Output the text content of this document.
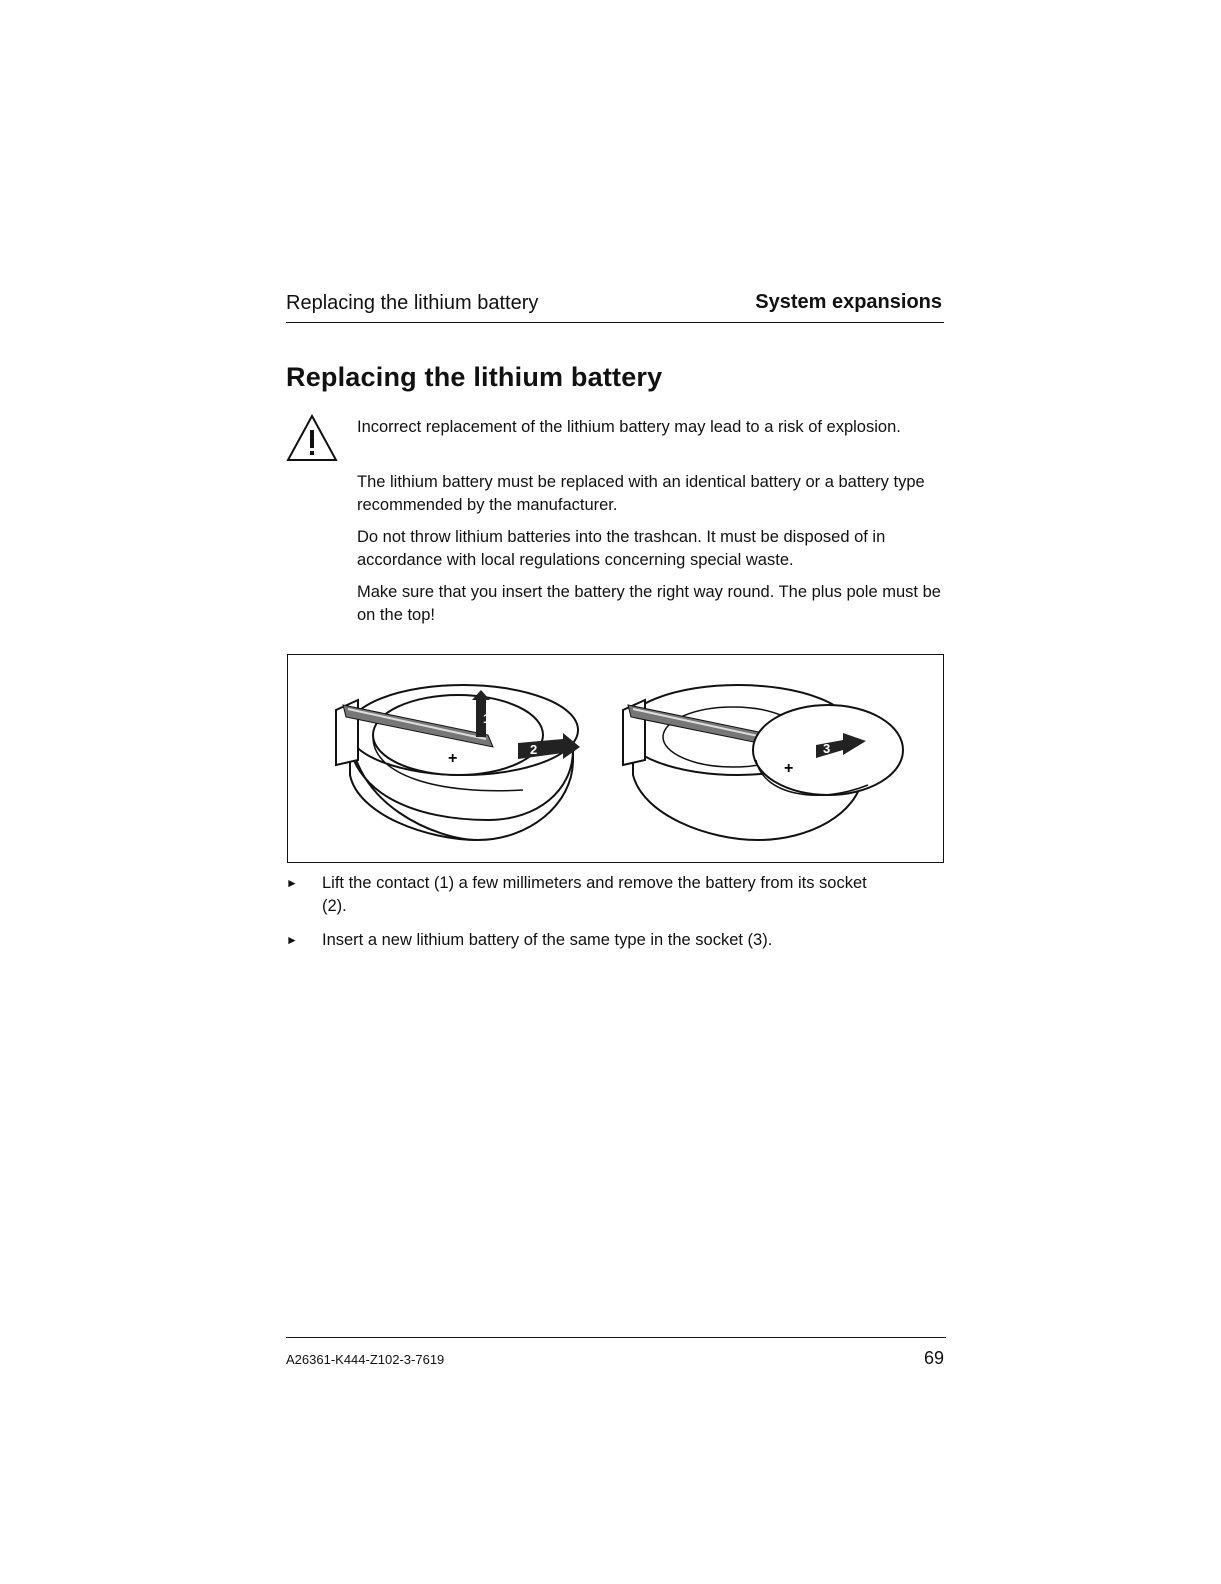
Replacing the lithium battery	System expansions
Replacing the lithium battery
Incorrect replacement of the lithium battery may lead to a risk of explosion.
The lithium battery must be replaced with an identical battery or a battery type recommended by the manufacturer.
Do not throw lithium batteries into the trashcan. It must be disposed of in accordance with local regulations concerning special waste.
Make sure that you insert the battery the right way round. The plus pole must be on the top!
1
2
+
3
+
► Lift the contact (1) a few millimeters and remove the battery from its socket (2).
► Insert a new lithium battery of the same type in the socket (3).
A26361-K444-Z102-3-7619	69
